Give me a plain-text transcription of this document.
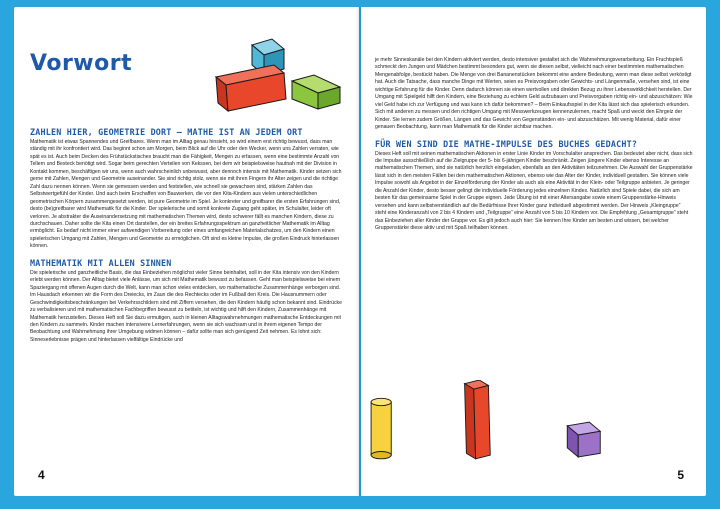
Vorwort
ZAHLEN HIER, GEOMETRIE DORT – MATHE IST AN JEDEM ORT

Mathematik ist etwas Spannendes und Greifbares. Wenn man im Alltag genau hinsieht, so wird einem erst richtig bewusst, dass man ständig mit ihr konfrontiert wird. Das beginnt schon am Morgen, beim Blick auf die Uhr oder den Wecker, wenn uns Zahlen verraten, wie spät es ist. Auch beim Decken des Frühstückstisches braucht man die Fähigkeit, Mengen zu erfassen, wenn eine bestimmte Anzahl von Tellern und Besteck benötigt wird. Sogar beim gerechten Verteilen von Kekssen, bei dem wir beispielsweise hautnah mit der Division in Kontakt kommen, beschäftigen wir uns, wenn auch wahrscheinlich unbewusst, aber dennoch intensiv mit Mathematik. Kinder setzen sich gerne mit Zahlen, Mengen und Geometrie auseinander. Sie sind richtig stolz, wenn sie mit ihren Fingern ihr Alter zeigen und die richtige Zahl dazu nennen können. Wenn sie gemessen werden und feststellen, wie schnell sie gewachsen sind, stärken Zahlen das Selbstwertgefühl der Kinder. Und auch beim Erschaffen von Bauwerken, die vor den Kita-Kindern aus vielen unterschiedlichen geometrischen Körpern zusammengesetzt werden, ist pure Geometrie im Spiel. Je konkreter und greifbarer die ersten Erfahrungen sind, desto (be)greifbarer wird Mathematik für die Kinder. Der spielerische und somit konkrete Zugang geht später, im Schulalter, leider oft verloren. Je abstrakter die Auseinandersetzung mit mathematischen Themen wird, desto schwerer fällt es manchen Kindern, diese zu durchschauen. Daher sollte die Kita einen Ort darstellen, der ein breites Erfahrungsspektrum an ganzheitlicher Mathematik im Alltag ermöglicht. Es bedarf nicht immer einer aufwendigen Vorbereitung oder eines umfangreichen Materialschatzes, um den Kindern einen spielerischen Umgang mit Zahlen, Mengen und Geometrie zu ermöglichen. Oft sind es kleine Impulse, die großen Eindruck hinterlassen können.

MATHEMATIK MIT ALLEN SINNEN

Die spielerische und ganzheitliche Basis, die das Einbeziehen möglichst vieler Sinne beinhaltet, soll in der Kita intensiv von den Kindern erlebt werden können. Der Alltag bietet viele Anlässe, um sich mit Mathematik bewusst zu befassen. Geht man beispielsweise bei einem Spaziergang mit offenen Augen durch die Welt, kann man schon vieles entdecken, wo mathematische Zusammenhänge verborgen sind. Im Hausdach erkennen wir die Form des Dreiecks, im Zaun die des Rechtecks oder im Fußball den Kreis. Die Hausnummern oder Geschwindigkeitsbeschränkungen bei Verkehrsschildern sind mit Ziffern versehen, die den Kindern häufig schon bekannt sind. Eindrücke zu verbalisieren und mit mathematischen Fachbegriffen bewusst zu betiteln, ist wichtig und hilft den Kindern, Zusammenhänge mit Mathematik herzustellen. Dieses Heft soll Sie dazu ermutigen, auch in kleinen Alltagswahrnehmungen mathematische Entdeckungen mit den Kindern zu sammeln. Kinder machen intensivere Lernerfahrungen, wenn sie sich wachsam und in ihrem eigenen Tempo der Beobachtung und Wahrnehmung ihrer Umgebung widmen können – dafür sollte man sich genügend Zeit nehmen. Es lohnt sich: Sinneserlebnisse prägen und hinterlassen vielfältige Eindrücke und

4

je mehr Sinneskanäle bei den Kindern aktiviert werden, desto intensiver gestaltet sich die Wahrnehmungsverarbeitung. Ein Fruchtspieß schmeckt den Jungen und Mädchen bestimmt besonders gut, wenn sie diesen selbst, vielleicht nach einer bestimmten mathematischen Mengenabfolge, bestückt haben. Die Menge von drei Bananenstücken bekommt eine andere Bedeutung, wenn man diese selbst verköstigt hat. Auch die Tatsache, dass manche Dinge mit Werten, seien es Preisvorgaben oder Gewichts- und Längenmaße, versehen sind, ist eine wichtige Erfahrung für die Kinder. Denn dadurch können sie einen wertvollen und direkten Bezug zu ihrer Lebenswirklichkeit herstellen. Der Umgang mit Spielgeld hilft den Kindern, eine Beziehung zu echtem Geld aufzubauen und Preisvorgaben richtig ein- und abzuschätzen: Wie viel Geld habe ich zur Verfügung und was kann ich dafür bekommen? – Beim Einkaufsspiel in der Kita lässt sich das spielerisch erkunden. Sich mit anderen zu messen und den richtigen Umgang mit Messwerkzeugen kennenzulernen, macht Spaß und weckt den Ehrgeiz der Kinder. Sie lernen zudem Größen, Längen und das Gewicht von Gegenständen ein- und abzuschätzen. Mit wenig Material, dafür einer genauen Beobachtung, kann man Mathematik für die Kinder sichtbar machen.

FÜR WEN SIND DIE MATHE-IMPULSE DES BUCHES GEDACHT?

Dieses Heft soll mit seinen mathematischen Aktionen in erster Linie Kinder im Vorschulalter ansprechen. Das bedeutet aber nicht, dass sich die Impulse ausschließlich auf die Zielgruppe der 5- bis 6-jährigen Kinder beschränkt. Zeigen jüngere Kinder ebenso Interesse an mathematischen Themen, sind sie natürlich herzlich eingeladen, ebenfalls an den Aktivitäten teilzunehmen. Die Auswahl der Gruppenstärke lässt sich in den meisten Fällen bei den mathematischen Aktionen, ebenso wie das Alter der Kinder, individuell gestalten. Sie können viele Impulse sowohl als Angebot in der Einzelförderung der Kinder als auch als eine Aktivität in der Klein- oder Teilgruppe anbieten. Je geringer die Anzahl der Kinder, desto besser gelingt die individuelle Förderung jedes einzelnen Kindes. Natürlich sind Spiele dabei, die sich am besten für das gemeinsame Spiel in der Gruppe eignen. Jede Übung ist mit einer Altersangabe sowie einem Gruppenstärke-Hinweis versehen und kann selbstverständlich auf die Bedürfnisse Ihrer Kinder ganz individuell abgestimmt werden. Der Hinweis „Kleingruppe“ steht eine Kinderanzahl von 2 bis 4 Kindern und „Teilgruppe“ eine Anzahl von 5 bis 10 Kindern vor. Die Empfehlung „Gesamtgruppe“ steht das Einbeziehen aller Kinder der Gruppe vor. Es gilt jedoch auch hier: Sie kennen Ihre Kinder am besten und wissen, bei welcher Gruppenstärke diese aktiv und mit Spaß teilhaben können.

5
VORWORT
